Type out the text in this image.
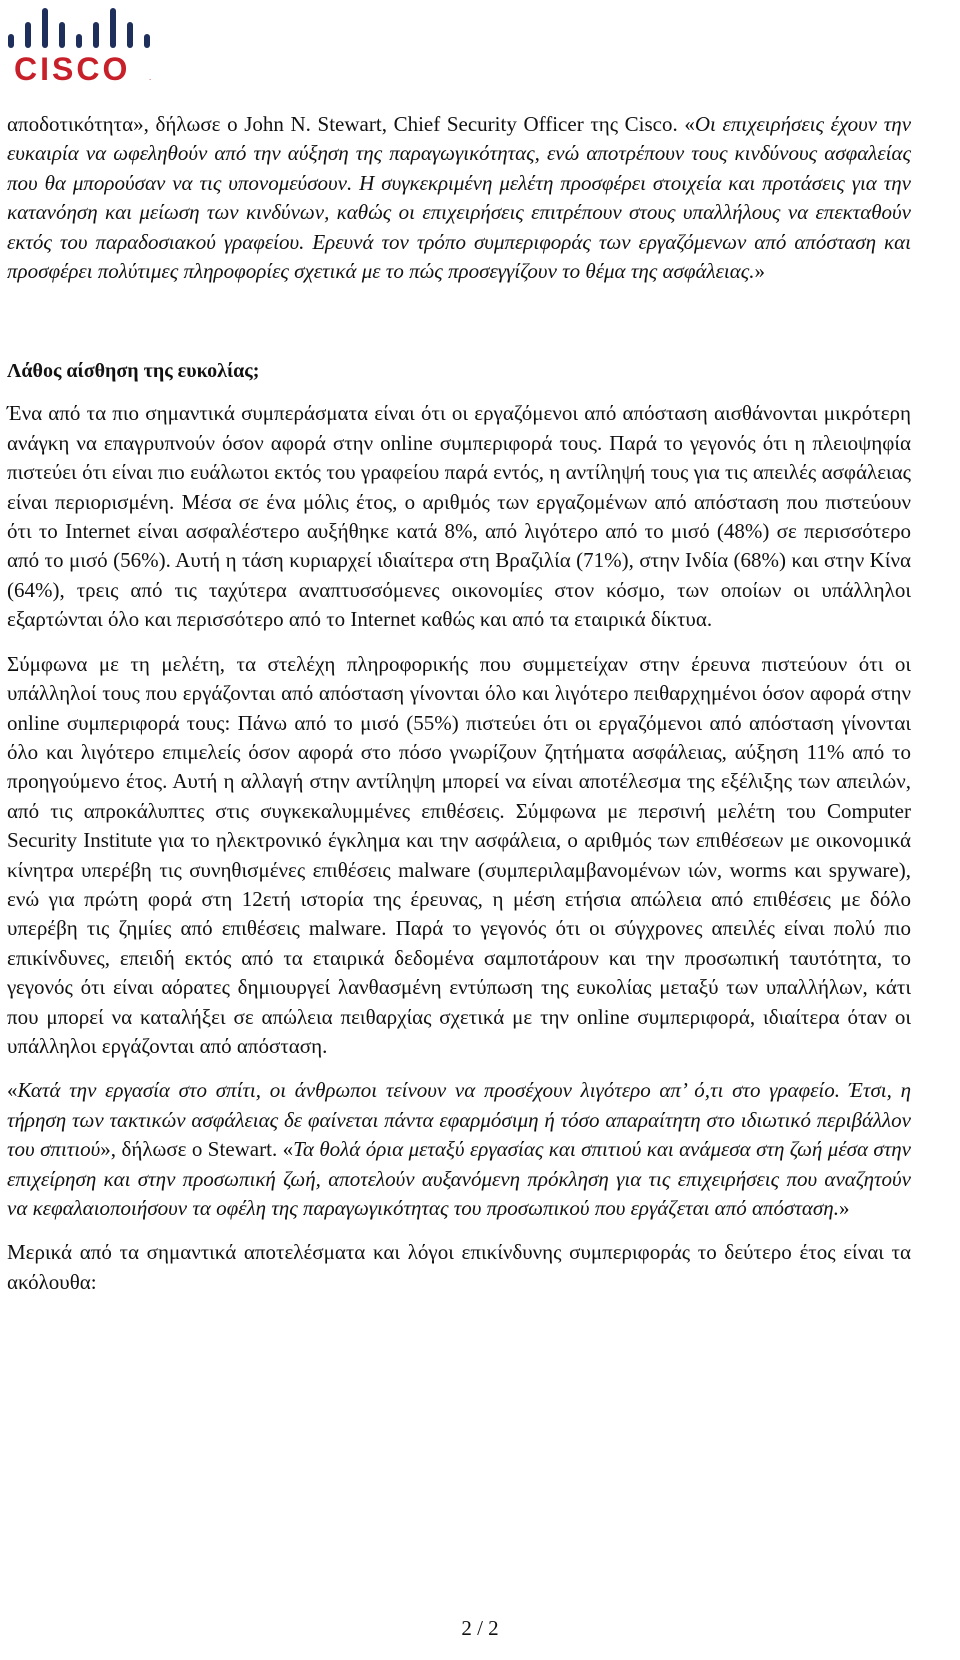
CISCO .

αποδοτικότητα», δήλωσε ο John N. Stewart, Chief Security Officer της Cisco. «Οι επιχειρήσεις έχουν την ευκαιρία να ωφεληθούν από την αύξηση της παραγωγικότητας, ενώ αποτρέπουν τους κινδύνους ασφαλείας που θα μπορούσαν να τις υπονομεύσουν. Η συγκεκριμένη μελέτη προσφέρει στοιχεία και προτάσεις για την κατανόηση και μείωση των κινδύνων, καθώς οι επιχειρήσεις επιτρέπουν στους υπαλλήλους να επεκταθούν εκτός του παραδοσιακού γραφείου. Ερευνά τον τρόπο συμπεριφοράς των εργαζόμενων από απόσταση και προσφέρει πολύτιμες πληροφορίες σχετικά με το πώς προσεγγίζουν το θέμα της ασφάλειας.»

Λάθος αίσθηση της ευκολίας;

Ένα από τα πιο σημαντικά συμπεράσματα είναι ότι οι εργαζόμενοι από απόσταση αισθάνονται μικρότερη ανάγκη να επαγρυπνούν όσον αφορά στην online συμπεριφορά τους. Παρά το γεγονός ότι η πλειοψηφία πιστεύει ότι είναι πιο ευάλωτοι εκτός του γραφείου παρά εντός, η αντίληψή τους για τις απειλές ασφάλειας είναι περιορισμένη. Μέσα σε ένα μόλις έτος, ο αριθμός των εργαζομένων από απόσταση που πιστεύουν ότι το Internet είναι ασφαλέστερο αυξήθηκε κατά 8%, από λιγότερο από το μισό (48%) σε περισσότερο από το μισό (56%). Αυτή η τάση κυριαρχεί ιδιαίτερα στη Βραζιλία (71%), στην Ινδία (68%) και στην Κίνα (64%), τρεις από τις ταχύτερα αναπτυσσόμενες οικονομίες στον κόσμο, των οποίων οι υπάλληλοι εξαρτώνται όλο και περισσότερο από το Internet καθώς και από τα εταιρικά δίκτυα.

Σύμφωνα με τη μελέτη, τα στελέχη πληροφορικής που συμμετείχαν στην έρευνα πιστεύουν ότι οι υπάλληλοί τους που εργάζονται από απόσταση γίνονται όλο και λιγότερο πειθαρχημένοι όσον αφορά στην online συμπεριφορά τους: Πάνω από το μισό (55%) πιστεύει ότι οι εργαζόμενοι από απόσταση γίνονται όλο και λιγότερο επιμελείς όσον αφορά στο πόσο γνωρίζουν ζητήματα ασφάλειας, αύξηση 11% από το προηγούμενο έτος. Αυτή η αλλαγή στην αντίληψη μπορεί να είναι αποτέλεσμα της εξέλιξης των απειλών, από τις απροκάλυπτες στις συγκεκαλυμμένες επιθέσεις. Σύμφωνα με περσινή μελέτη του Computer Security Institute για το ηλεκτρονικό έγκλημα και την ασφάλεια, ο αριθμός των επιθέσεων με οικονομικά κίνητρα υπερέβη τις συνηθισμένες επιθέσεις malware (συμπεριλαμβανομένων ιών, worms και spyware), ενώ για πρώτη φορά στη 12ετή ιστορία της έρευνας, η μέση ετήσια απώλεια από επιθέσεις με δόλο υπερέβη τις ζημίες από επιθέσεις malware. Παρά το γεγονός ότι οι σύγχρονες απειλές είναι πολύ πιο επικίνδυνες, επειδή εκτός από τα εταιρικά δεδομένα σαμποτάρουν και την προσωπική ταυτότητα, το γεγονός ότι είναι αόρατες δημιουργεί λανθασμένη εντύπωση της ευκολίας μεταξύ των υπαλλήλων, κάτι που μπορεί να καταλήξει σε απώλεια πειθαρχίας σχετικά με την online συμπεριφορά, ιδιαίτερα όταν οι υπάλληλοι εργάζονται από απόσταση.

«Κατά την εργασία στο σπίτι, οι άνθρωποι τείνουν να προσέχουν λιγότερο απ’ ό,τι στο γραφείο. Έτσι, η τήρηση των τακτικών ασφάλειας δε φαίνεται πάντα εφαρμόσιμη ή τόσο απαραίτητη στο ιδιωτικό περιβάλλον του σπιτιού», δήλωσε ο Stewart. «Τα θολά όρια μεταξύ εργασίας και σπιτιού και ανάμεσα στη ζωή μέσα στην επιχείρηση και στην προσωπική ζωή, αποτελούν αυξανόμενη πρόκληση για τις επιχειρήσεις που αναζητούν να κεφαλαιοποιήσουν τα οφέλη της παραγωγικότητας του προσωπικού που εργάζεται από απόσταση.»

Μερικά από τα σημαντικά αποτελέσματα και λόγοι επικίνδυνης συμπεριφοράς το δεύτερο έτος είναι τα ακόλουθα:

2 / 2
